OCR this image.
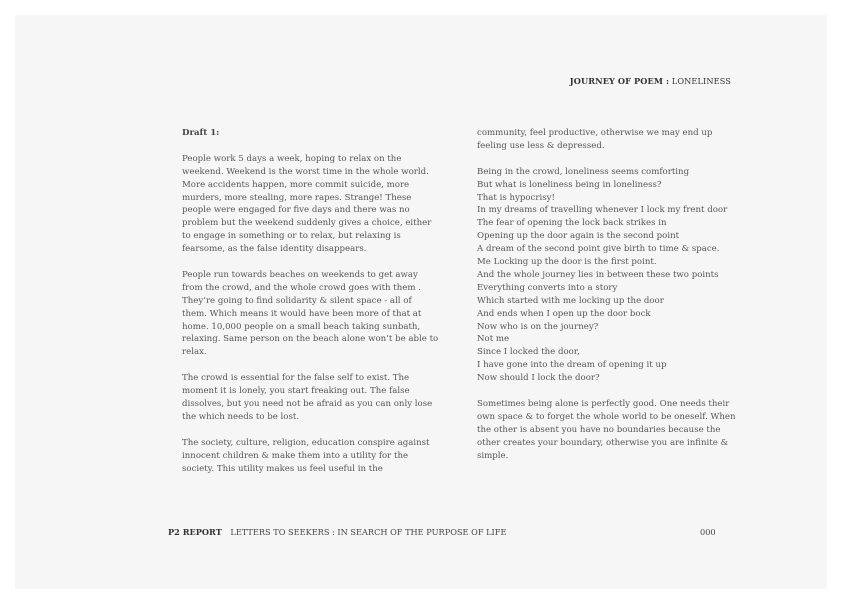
JOURNEY OF POEM : LONELINESS

Draft 1:

People work 5 days a week, hoping to relax on the
weekend. Weekend is the worst time in the whole world.
More accidents happen, more commit suicide, more
murders, more stealing, more rapes. Strange! These
people were engaged for five days and there was no
problem but the weekend suddenly gives a choice, either
to engage in something or to relax, but relaxing is
fearsome, as the false identity disappears.

People run towards beaches on weekends to get away
from the crowd, and the whole crowd goes with them .
They’re going to find solidarity & silent space - all of
them. Which means it would have been more of that at
home. 10,000 people on a small beach taking sunbath,
relaxing. Same person on the beach alone won’t be able to
relax.

The crowd is essential for the false self to exist. The
moment it is lonely, you start freaking out. The false
dissolves, but you need not be afraid as you can only lose
the which needs to be lost.

The society, culture, religion, education conspire against
innocent children & make them into a utility for the
society. This utility makes us feel useful in the

community, feel productive, otherwise we may end up
feeling use less & depressed.

Being in the crowd, loneliness seems comforting
But what is loneliness being in loneliness?
That is hypocrisy!
In my dreams of travelling whenever I lock my frent door
The fear of opening the lock back strikes in
Opening up the door again is the second point
A dream of the second point give birth to time & space.
Me Locking up the door is the first point.
And the whole journey lies in between these two points
Everything converts into a story
Which started with me locking up the door
And ends when I open up the door bock
Now who is on the journey?
Not me
Since I locked the door,
I have gone into the dream of opening it up
Now should I lock the door?

Sometimes being alone is perfectly good. One needs their
own space & to forget the whole world to be oneself. When
the other is absent you have no boundaries because the
other creates your boundary, otherwise you are infinite &
simple.

P2 REPORT LETTERS TO SEEKERS : IN SEARCH OF THE PURPOSE OF LIFE	000
